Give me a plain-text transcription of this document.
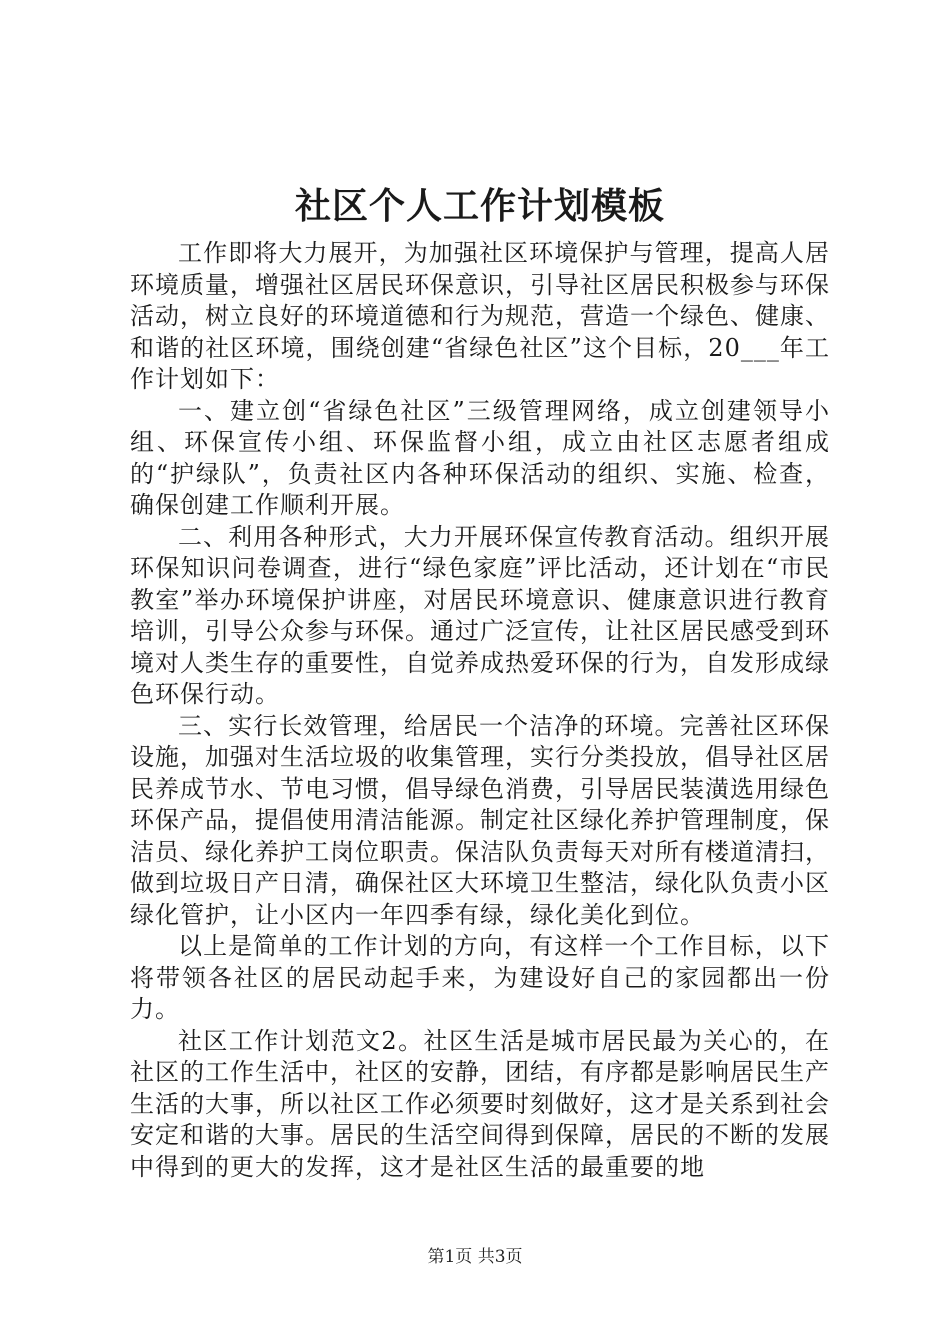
社区个人工作计划模板

工作即将大力展开，为加强社区环境保护与管理，提高人居环境质量，增强社区居民环保意识，引导社区居民积极参与环保活动，树立良好的环境道德和行为规范，营造一个绿色、健康、和谐的社区环境，围绕创建“省绿色社区”这个目标，20___年工作计划如下：

一、建立创“省绿色社区”三级管理网络，成立创建领导小组、环保宣传小组、环保监督小组，成立由社区志愿者组成的“护绿队”，负责社区内各种环保活动的组织、实施、检查，确保创建工作顺利开展。

二、利用各种形式，大力开展环保宣传教育活动。组织开展环保知识问卷调查，进行“绿色家庭”评比活动，还计划在“市民教室”举办环境保护讲座，对居民环境意识、健康意识进行教育培训，引导公众参与环保。通过广泛宣传，让社区居民感受到环境对人类生存的重要性，自觉养成热爱环保的行为，自发形成绿色环保行动。

三、实行长效管理，给居民一个洁净的环境。完善社区环保设施，加强对生活垃圾的收集管理，实行分类投放，倡导社区居民养成节水、节电习惯，倡导绿色消费，引导居民装潢选用绿色环保产品，提倡使用清洁能源。制定社区绿化养护管理制度，保洁员、绿化养护工岗位职责。保洁队负责每天对所有楼道清扫，做到垃圾日产日清，确保社区大环境卫生整洁，绿化队负责小区绿化管护，让小区内一年四季有绿，绿化美化到位。

以上是简单的工作计划的方向，有这样一个工作目标，以下将带领各社区的居民动起手来，为建设好自己的家园都出一份力。

社区工作计划范文2。社区生活是城市居民最为关心的，在社区的工作生活中，社区的安静，团结，有序都是影响居民生产生活的大事，所以社区工作必须要时刻做好，这才是关系到社会安定和谐的大事。居民的生活空间得到保障，居民的不断的发展中得到的更大的发挥，这才是社区生活的最重要的地

第1页 共3页
